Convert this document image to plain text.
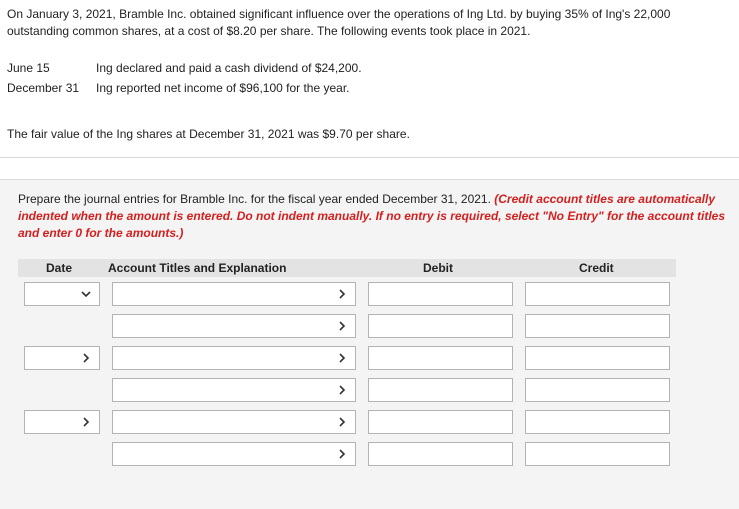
On January 3, 2021, Bramble Inc. obtained significant influence over the operations of Ing Ltd. by buying 35% of Ing's 22,000 outstanding common shares, at a cost of $8.20 per share. The following events took place in 2021.
June 15	Ing declared and paid a cash dividend of $24,200.
December 31	Ing reported net income of $96,100 for the year.
The fair value of the Ing shares at December 31, 2021 was $9.70 per share.
Prepare the journal entries for Bramble Inc. for the fiscal year ended December 31, 2021. (Credit account titles are automatically indented when the amount is entered. Do not indent manually. If no entry is required, select "No Entry" for the account titles and enter 0 for the amounts.)
Date	Account Titles and Explanation	Debit	Credit
